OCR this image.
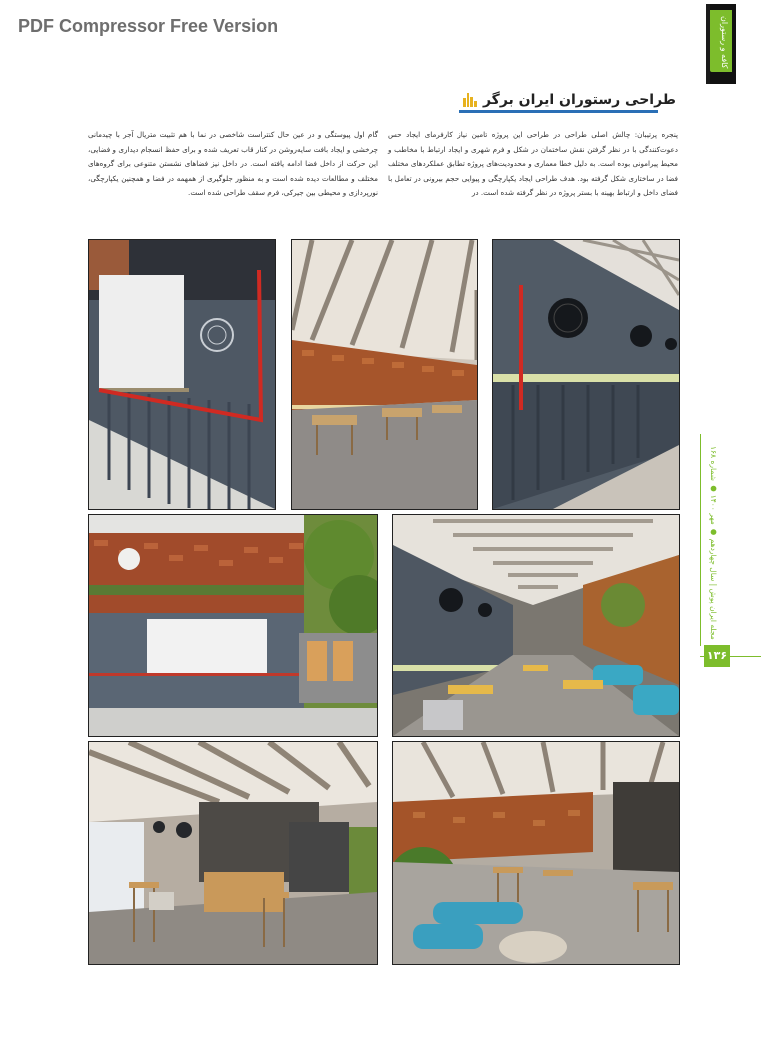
PDF Compressor Free Version	کافه و رستوران
طراحی رستوران ایران برگر
پنجره پرتیبان: چالش اصلی طراحی در طراحی این پروژه تامین نیاز کارفرمای ایجاد حس دعوت‌کنندگی با در نظر گرفتن نقش ساختمان در شکل و فرم شهری و ایجاد ارتباط با مخاطب و محیط پیرامونی بوده است. به دلیل خطا معماری و محدودیت‌های پروژه تطابق عملکردهای مختلف فضا در ساختاری شکل گرفته بود. هدف طراحی ایجاد یکپارچگی و پیوایی حجم بیرونی در تعامل با فضای داخل و ارتباط بهینه با بستر پروژه در نظر گرفته شده است. در
گام اول پیوستگی و در عین حال کنتراست شاخصی در نما با هم تثبیت متریال آجر با چیدمانی چرخشی و ایجاد بافت سایه‌روشن در کنار قاب تعریف شده و برای حفظ انسجام دیداری و فضایی، این حرکت از داخل فضا ادامه یافته است. در داخل نیز فضاهای نشستن متنوعی برای گروه‌های مختلف و مطالعات دیده شده است و به منظور جلوگیری از همهمه در فضا و همچنین یکپارچگی، نورپردازی و محیطی بین جیرکی، فرم سقف طراحی شده است.
مجله ایران پوش | سال چهاردهم ● مهر ۱۴۰۰ ● شماره ۱۶۸
۱۳۶
